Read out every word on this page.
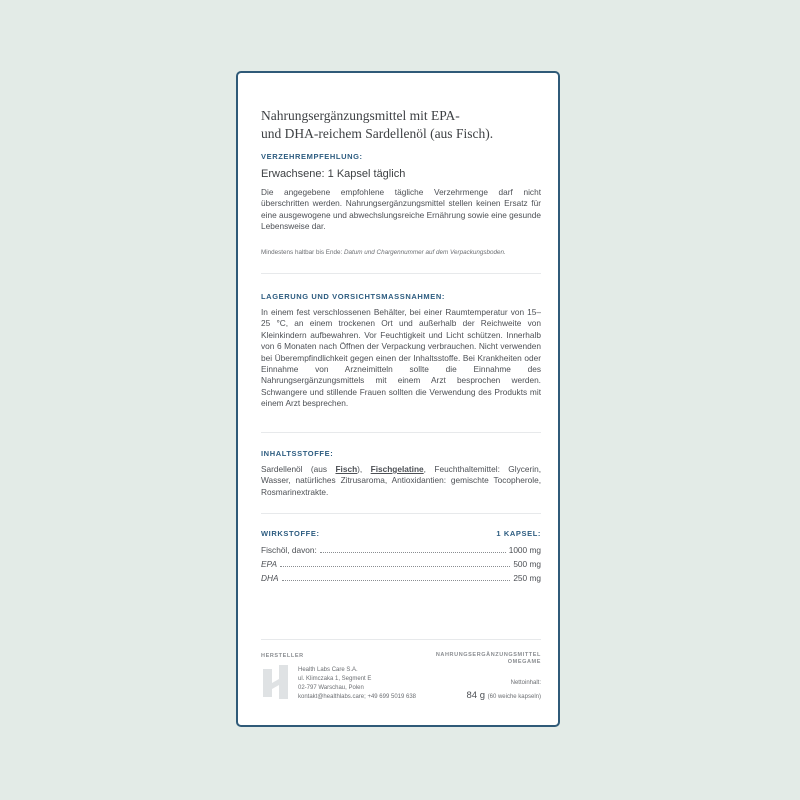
Nahrungsergänzungsmittel mit EPA-
und DHA-reichem Sardellenöl (aus Fisch).
VERZEHREMPFEHLUNG:
Erwachsene: 1 Kapsel täglich
Die angegebene empfohlene tägliche Verzehrmenge darf nicht überschritten werden. Nahrungsergänzungsmittel stellen keinen Ersatz für eine ausgewogene und abwechslungsreiche Ernährung sowie eine gesunde Lebensweise dar.
Mindestens haltbar bis Ende: Datum und Chargennummer auf dem Verpackungsboden.
LAGERUNG UND VORSICHTSMASSNAHMEN:
In einem fest verschlossenen Behälter, bei einer Raumtemperatur von 15–25 °C, an einem trockenen Ort und außerhalb der Reichweite von Kleinkindern aufbewahren. Vor Feuchtigkeit und Licht schützen. Innerhalb von 6 Monaten nach Öffnen der Verpackung verbrauchen. Nicht verwenden bei Überempfindlichkeit gegen einen der Inhaltsstoffe. Bei Krankheiten oder Einnahme von Arzneimitteln sollte die Einnahme des Nahrungsergänzungsmittels mit einem Arzt besprochen werden. Schwangere und stillende Frauen sollten die Verwendung des Produkts mit einem Arzt besprechen.
INHALTSSTOFFE:
Sardellenöl (aus Fisch), Fischgelatine, Feuchthaltemittel: Glycerin, Wasser, natürliches Zitrusaroma, Antioxidantien: gemischte Tocopherole, Rosmarinextrakte.
WIRKSTOFFE:	1 KAPSEL:
Fischöl, davon:	1000 mg
EPA	500 mg
DHA	250 mg
HERSTELLER
Health Labs Care S.A.
ul. Klimczaka 1, Segment E
02-797 Warschau, Polen
kontakt@healthlabs.care; +49 699 5019 638
NAHRUNGSERGÄNZUNGSMITTEL
OMEGAME
Nettoinhalt:
84 g (60 weiche kapseln)
